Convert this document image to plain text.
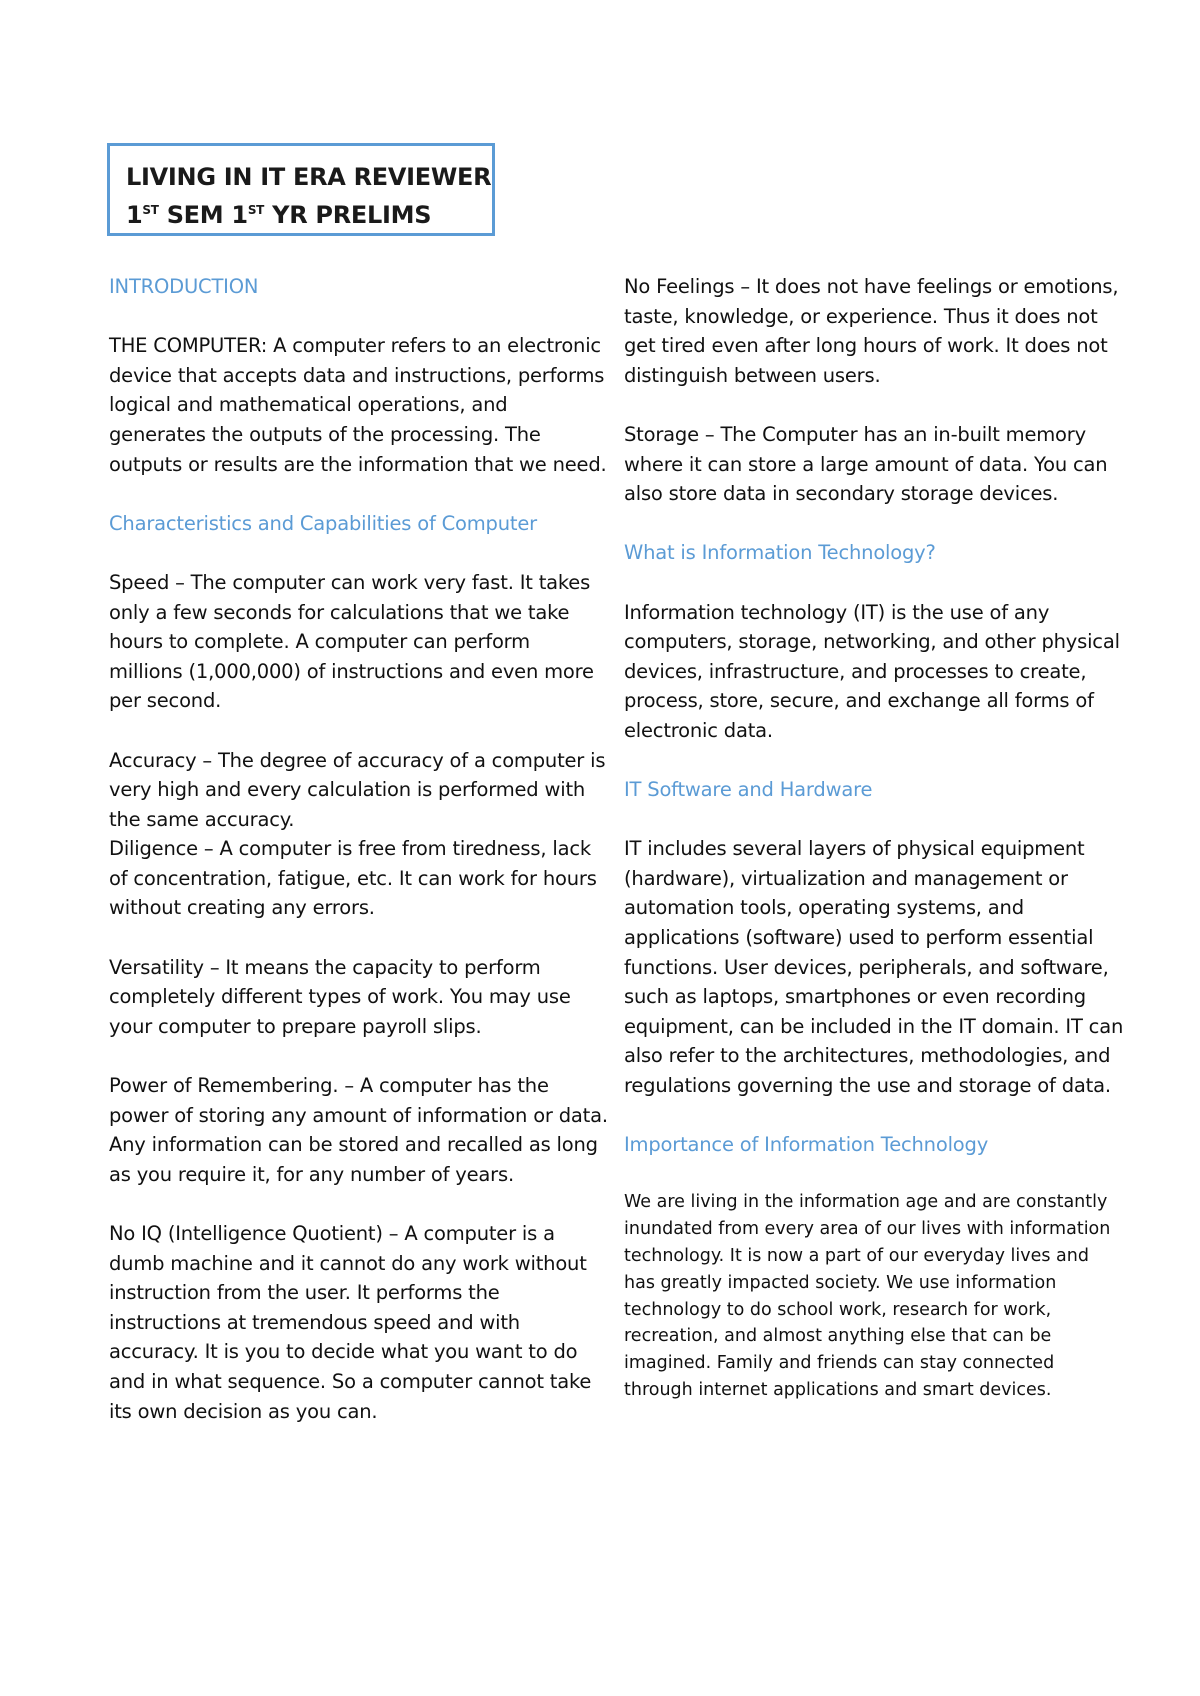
LIVING IN IT ERA REVIEWER
1ST SEM 1ST YR PRELIMS

INTRODUCTION

THE COMPUTER: A computer refers to an electronic device that accepts data and instructions, performs logical and mathematical operations, and generates the outputs of the processing. The outputs or results are the information that we need.

Characteristics and Capabilities of Computer

Speed – The computer can work very fast. It takes only a few seconds for calculations that we take hours to complete. A computer can perform millions (1,000,000) of instructions and even more per second.

Accuracy – The degree of accuracy of a computer is very high and every calculation is performed with the same accuracy.

Diligence – A computer is free from tiredness, lack of concentration, fatigue, etc. It can work for hours without creating any errors.

Versatility – It means the capacity to perform completely different types of work. You may use your computer to prepare payroll slips.

Power of Remembering. – A computer has the power of storing any amount of information or data. Any information can be stored and recalled as long as you require it, for any number of years.

No IQ (Intelligence Quotient) – A computer is a dumb machine and it cannot do any work without instruction from the user. It performs the instructions at tremendous speed and with accuracy. It is you to decide what you want to do and in what sequence. So a computer cannot take its own decision as you can.

No Feelings – It does not have feelings or emotions, taste, knowledge, or experience. Thus it does not get tired even after long hours of work. It does not distinguish between users.

Storage – The Computer has an in-built memory where it can store a large amount of data. You can also store data in secondary storage devices.

What is Information Technology?

Information technology (IT) is the use of any computers, storage, networking, and other physical devices, infrastructure, and processes to create, process, store, secure, and exchange all forms of electronic data.

IT Software and Hardware

IT includes several layers of physical equipment (hardware), virtualization and management or automation tools, operating systems, and applications (software) used to perform essential functions. User devices, peripherals, and software, such as laptops, smartphones or even recording equipment, can be included in the IT domain. IT can also refer to the architectures, methodologies, and regulations governing the use and storage of data.

Importance of Information Technology

We are living in the information age and are constantly inundated from every area of our lives with information technology. It is now a part of our everyday lives and has greatly impacted society. We use information technology to do school work, research for work, recreation, and almost anything else that can be imagined. Family and friends can stay connected through internet applications and smart devices.
